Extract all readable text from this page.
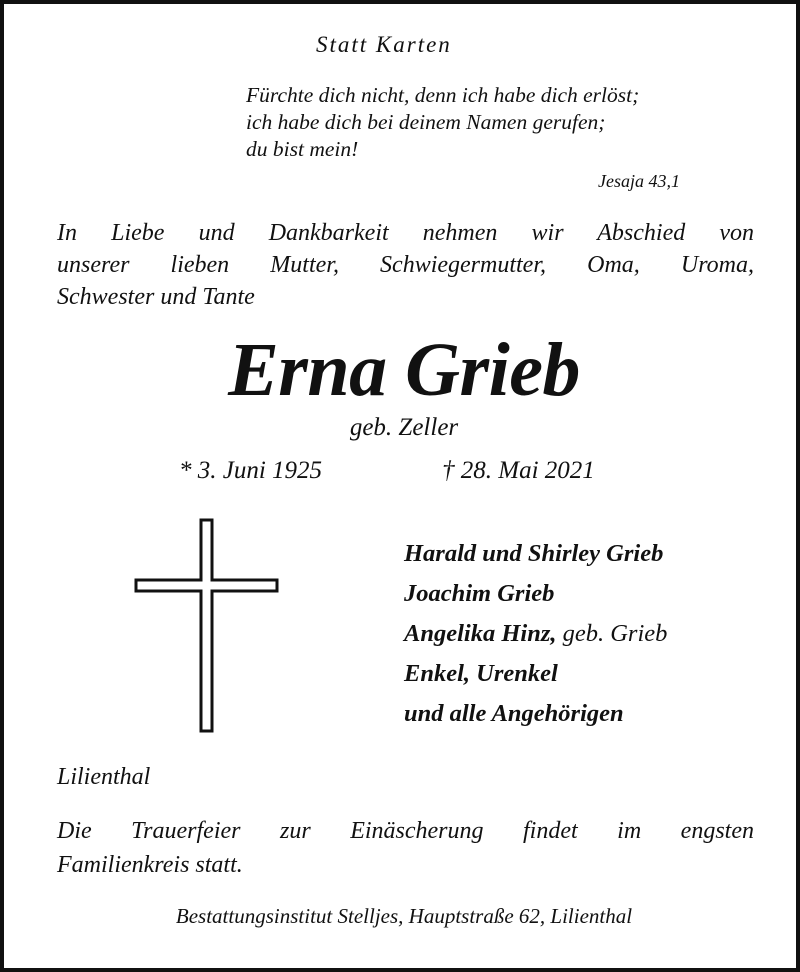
Statt Karten
Fürchte dich nicht, denn ich habe dich erlöst;
ich habe dich bei deinem Namen gerufen;
du bist mein!
Jesaja 43,1
In Liebe und Dankbarkeit nehmen wir Abschied von
unserer lieben Mutter, Schwiegermutter, Oma, Uroma,
Schwester und Tante
Erna Grieb
geb. Zeller
* 3. Juni 1925	† 28. Mai 2021
Harald und Shirley Grieb
Joachim Grieb
Angelika Hinz, geb. Grieb
Enkel, Urenkel
und alle Angehörigen
Lilienthal
Die Trauerfeier zur Einäscherung findet im engsten
Familienkreis statt.
Bestattungsinstitut Stelljes, Hauptstraße 62, Lilienthal
